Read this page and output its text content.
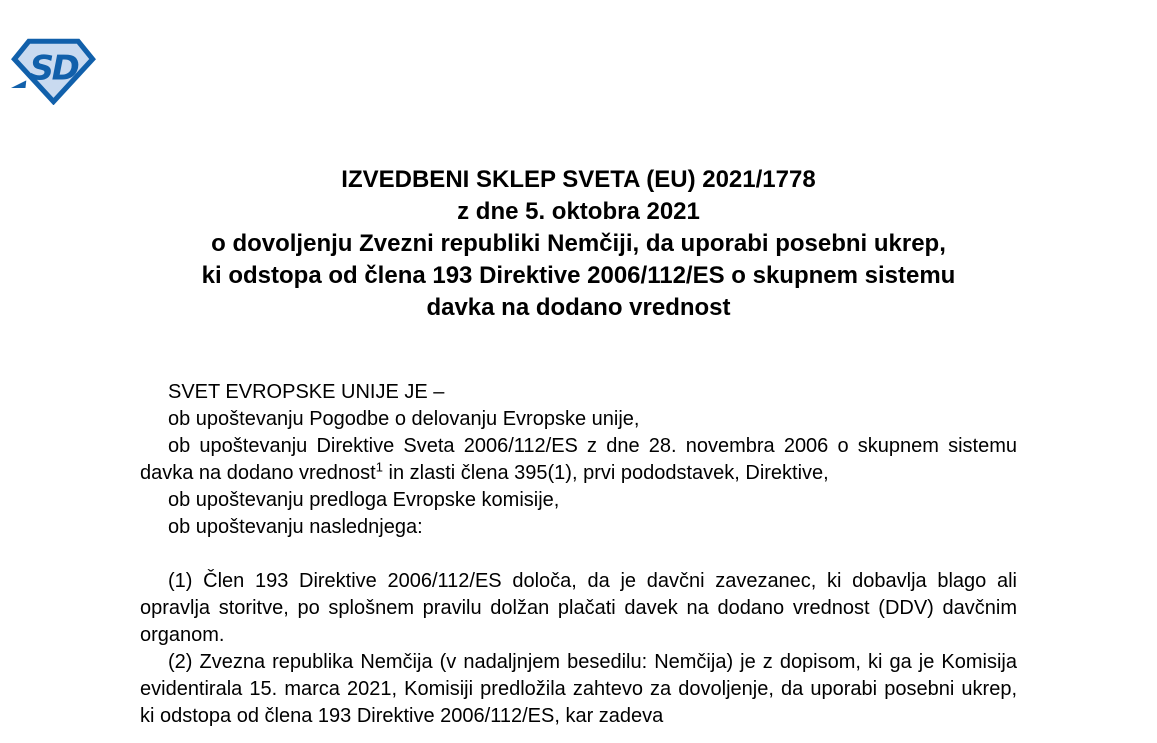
SD
IZVEDBENI SKLEP SVETA (EU) 2021/1778
z dne 5. oktobra 2021
o dovoljenju Zvezni republiki Nemčiji, da uporabi posebni ukrep,
ki odstopa od člena 193 Direktive 2006/112/ES o skupnem sistemu
davka na dodano vrednost

SVET EVROPSKE UNIJE JE –

ob upoštevanju Pogodbe o delovanju Evropske unije,

ob upoštevanju Direktive Sveta 2006/112/ES z dne 28. novembra 2006 o skupnem sistemu davka na dodano vrednost$^1$ in zlasti člena 395(1), prvi pododstavek, Direktive,

ob upoštevanju predloga Evropske komisije,

ob upoštevanju naslednjega:

(1) Člen 193 Direktive 2006/112/ES določa, da je davčni zavezanec, ki dobavlja blago ali opravlja storitve, po splošnem pravilu dolžan plačati davek na dodano vrednost (DDV) davčnim organom.

(2) Zvezna republika Nemčija (v nadaljnjem besedilu: Nemčija) je z dopisom, ki ga je Komisija evidentirala 15. marca 2021, Komisiji predložila zahtevo za dovoljenje, da uporabi posebni ukrep, ki odstopa od člena 193 Direktive 2006/112/ES, kar zadeva
